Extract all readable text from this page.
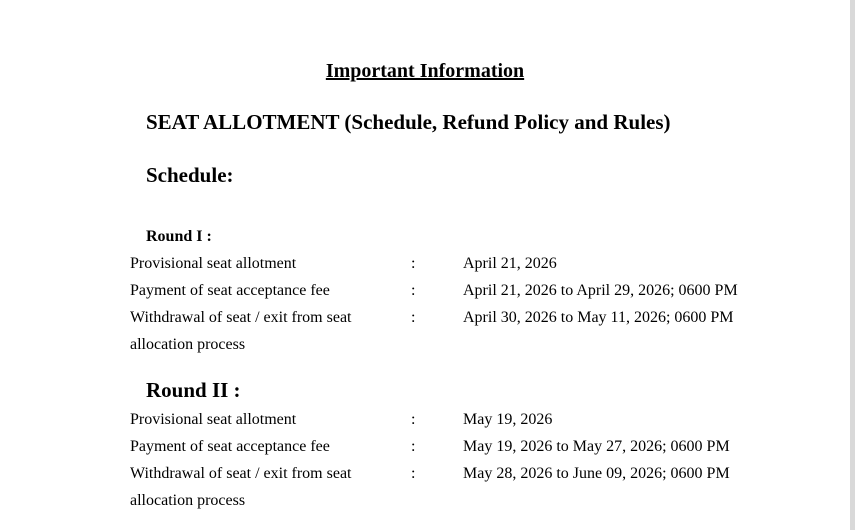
Important Information
SEAT ALLOTMENT (Schedule, Refund Policy and Rules)
Schedule:
Round I :
Provisional seat allotment	:	April 21, 2026
Payment of seat acceptance fee	:	April 21, 2026 to April 29, 2026; 0600 PM
Withdrawal of seat / exit from seat	:	April 30, 2026 to May 11, 2026; 0600 PM
allocation process
Round II :
Provisional seat allotment	:	May 19, 2026
Payment of seat acceptance fee	:	May 19, 2026 to May 27, 2026; 0600 PM
Withdrawal of seat / exit from seat	:	May 28, 2026 to June 09, 2026; 0600 PM
allocation process
